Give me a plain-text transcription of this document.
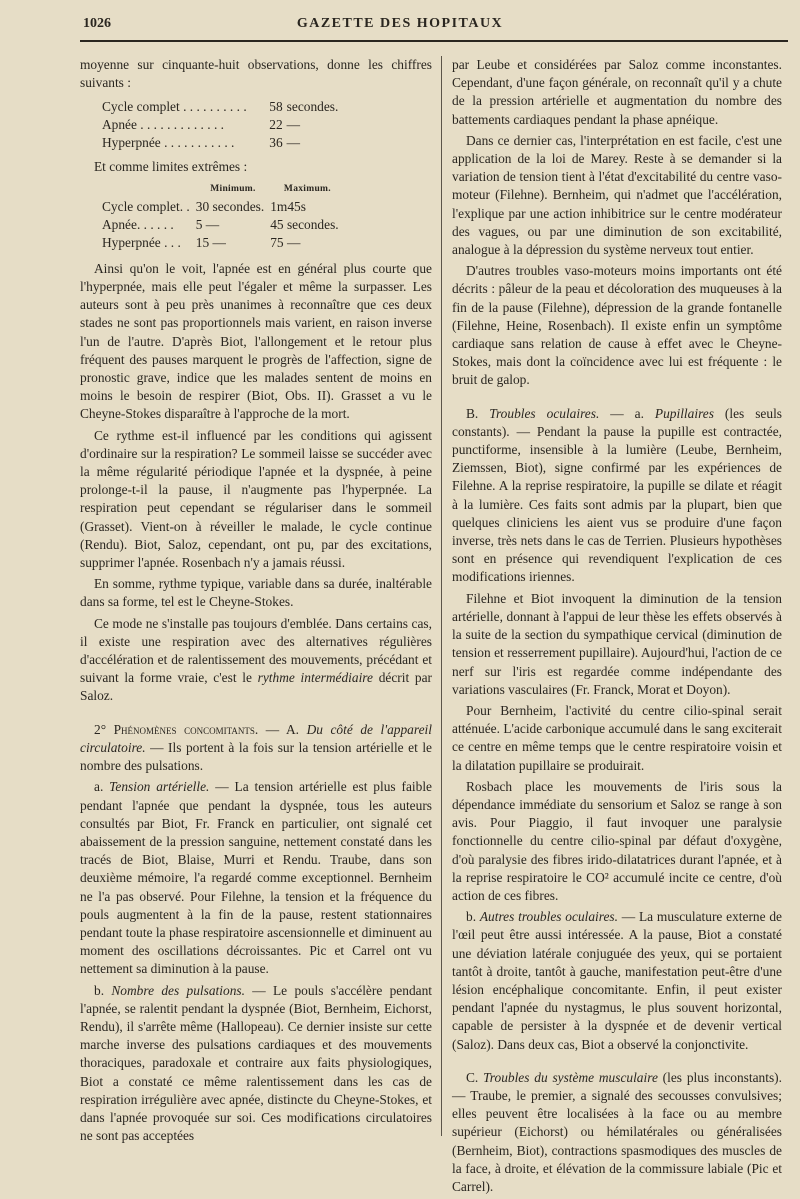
1026	GAZETTE DES HOPITAUX

moyenne sur cinquante-huit observations, donne les chiffres suivants :

Cycle complet . . . . . . . . . .	58	secondes.
Apnée . . . . . . . . . . . . .	22	—
Hyperpnée . . . . . . . . . . .	36	—

Et comme limites extrêmes :

	Minimum.	Maximum.
Cycle complet. .	30 secondes.	1m45s
Apnée. . . . . .	5 —	45 secondes.
Hyperpnée . . .	15 —	75 —

Ainsi qu'on le voit, l'apnée est en général plus courte que l'hyperpnée, mais elle peut l'égaler et même la surpasser. Les auteurs sont à peu près unanimes à reconnaître que ces deux stades ne sont pas proportionnels mais varient, en raison inverse l'un de l'autre. D'après Biot, l'allongement et le retour plus fréquent des pauses marquent le progrès de l'affection, signe de pronostic grave, indice que les malades sentent de moins en moins le besoin de respirer (Biot, Obs. II). Grasset a vu le Cheyne-Stokes disparaître à l'approche de la mort.

Ce rythme est-il influencé par les conditions qui agissent d'ordinaire sur la respiration? Le sommeil laisse se succéder avec la même régularité périodique l'apnée et la dyspnée, à peine prolonge-t-il la pause, il n'augmente pas l'hyperpnée. La respiration peut cependant se régulariser dans le sommeil (Grasset). Vient-on à réveiller le malade, le cycle continue (Rendu). Biot, Saloz, cependant, ont pu, par des excitations, supprimer l'apnée. Rosenbach n'y a jamais réussi.

En somme, rythme typique, variable dans sa durée, inaltérable dans sa forme, tel est le Cheyne-Stokes.

Ce mode ne s'installe pas toujours d'emblée. Dans certains cas, il existe une respiration avec des alternatives régulières d'accélération et de ralentissement des mouvements, précédant et suivant la forme vraie, c'est le rythme intermédiaire décrit par Saloz.

2° Phénomènes concomitants. — A. Du côté de l'appareil circulatoire. — Ils portent à la fois sur la tension artérielle et le nombre des pulsations.

a. Tension artérielle. — La tension artérielle est plus faible pendant l'apnée que pendant la dyspnée, tous les auteurs consultés par Biot, Fr. Franck en particulier, ont signalé cet abaissement de la pression sanguine, nettement constaté dans les tracés de Biot, Blaise, Murri et Rendu. Traube, dans son deuxième mémoire, l'a regardé comme exceptionnel. Bernheim ne l'a pas observé. Pour Filehne, la tension et la fréquence du pouls augmentent à la fin de la pause, restent stationnaires pendant toute la phase respiratoire ascensionnelle et diminuent au moment des oscillations décroissantes. Pic et Carrel ont vu nettement sa diminution à la pause.

b. Nombre des pulsations. — Le pouls s'accélère pendant l'apnée, se ralentit pendant la dyspnée (Biot, Bernheim, Eichorst, Rendu), il s'arrête même (Hallopeau). Ce dernier insiste sur cette marche inverse des pulsations cardiaques et des mouvements thoraciques, paradoxale et contraire aux faits physiologiques, Biot a constaté ce même ralentissement dans les cas de respiration irrégulière avec apnée, distincte du Cheyne-Stokes, et dans l'apnée provoquée sur soi. Ces modifications circulatoires ne sont pas acceptées

par Leube et considérées par Saloz comme inconstantes. Cependant, d'une façon générale, on reconnaît qu'il y a chute de la pression artérielle et augmentation du nombre des battements cardiaques pendant la phase apnéique.

Dans ce dernier cas, l'interprétation en est facile, c'est une application de la loi de Marey. Reste à se demander si la variation de tension tient à l'état d'excitabilité du centre vaso-moteur (Filehne). Bernheim, qui n'admet que l'accélération, l'explique par une action inhibitrice sur le centre modérateur des vagues, ou par une diminution de son excitabilité, analogue à la dépression du système nerveux tout entier.

D'autres troubles vaso-moteurs moins importants ont été décrits : pâleur de la peau et décoloration des muqueuses à la fin de la pause (Filehne), dépression de la grande fontanelle (Filehne, Heine, Rosenbach). Il existe enfin un symptôme cardiaque sans relation de cause à effet avec le Cheyne-Stokes, mais dont la coïncidence avec lui est fréquente : le bruit de galop.

B. Troubles oculaires. — a. Pupillaires (les seuls constants). — Pendant la pause la pupille est contractée, punctiforme, insensible à la lumière (Leube, Bernheim, Ziemssen, Biot), signe confirmé par les expériences de Filehne. A la reprise respiratoire, la pupille se dilate et réagit à la lumière. Ces faits sont admis par la plupart, bien que quelques cliniciens les aient vus se produire d'une façon inverse, très nets dans le cas de Terrien. Plusieurs hypothèses sont en présence qui revendiquent l'explication de ces modifications iriennes.

Filehne et Biot invoquent la diminution de la tension artérielle, donnant à l'appui de leur thèse les effets observés à la suite de la section du sympathique cervical (diminution de tension et resserrement pupillaire). Aujourd'hui, l'action de ce nerf sur l'iris est regardée comme indépendante des variations vasculaires (Fr. Franck, Morat et Doyon).

Pour Bernheim, l'activité du centre cilio-spinal serait atténuée. L'acide carbonique accumulé dans le sang exciterait ce centre en même temps que le centre respiratoire voisin et la dilatation pupillaire se produirait.

Rosbach place les mouvements de l'iris sous la dépendance immédiate du sensorium et Saloz se range à son avis. Pour Piaggio, il faut invoquer une paralysie fonctionnelle du centre cilio-spinal par défaut d'oxygène, d'où paralysie des fibres irido-dilatatrices durant l'apnée, et à la reprise respiratoire le CO² accumulé incite ce centre, d'où action de ces fibres.

b. Autres troubles oculaires. — La musculature externe de l'œil peut être aussi intéressée. A la pause, Biot a constaté une déviation latérale conjuguée des yeux, qui se portaient tantôt à droite, tantôt à gauche, manifestation peut-être d'une lésion encéphalique concomitante. Enfin, il peut exister pendant l'apnée du nystagmus, le plus souvent horizontal, capable de persister à la dyspnée et de devenir vertical (Saloz). Dans deux cas, Biot a observé la conjonctivite.

C. Troubles du système musculaire (les plus inconstants). — Traube, le premier, a signalé des secousses convulsives; elles peuvent être localisées à la face ou au membre supérieur (Eichorst) ou hémilatérales ou généralisées (Bernheim, Biot), contractions spasmodiques des muscles de la face, à droite, et élévation de la commissure labiale (Pic et Carrel).
